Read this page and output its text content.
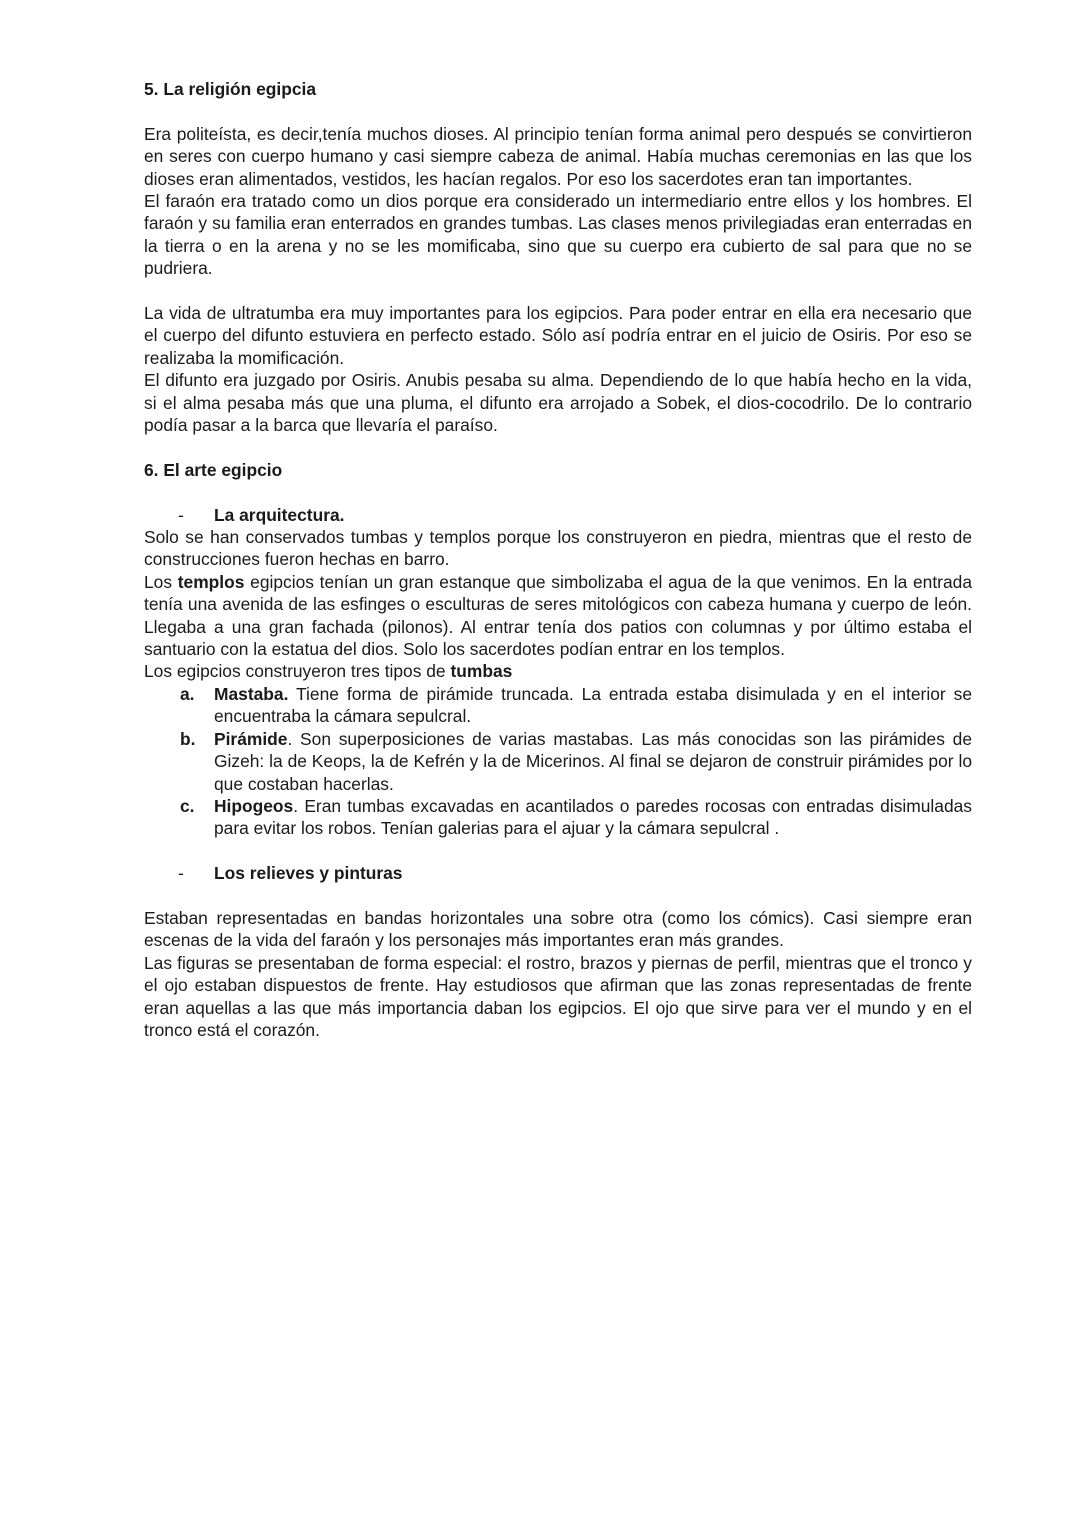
5. La religión egipcia

Era politeísta, es decir,tenía muchos dioses. Al principio tenían forma animal pero después se convirtieron en seres con cuerpo humano y casi siempre cabeza de animal. Había muchas ceremonias en las que los dioses eran alimentados, vestidos, les hacían regalos. Por eso los sacerdotes eran tan importantes.

El faraón era tratado como un dios porque era considerado un intermediario entre ellos y los hombres. El faraón y su familia eran enterrados en grandes tumbas. Las clases menos privilegiadas eran enterradas en la tierra o en la arena y no se les momificaba, sino que su cuerpo era cubierto de sal para que no se pudriera.

La vida de ultratumba era muy importantes para los egipcios. Para poder entrar en ella era necesario que el cuerpo del difunto estuviera en perfecto estado. Sólo así podría entrar en el juicio de Osiris. Por eso se realizaba la momificación.

El difunto era juzgado por Osiris. Anubis pesaba su alma. Dependiendo de lo que había hecho en la vida, si el alma pesaba más que una pluma, el difunto era arrojado a Sobek, el dios-cocodrilo. De lo contrario podía pasar a la barca que llevaría el paraíso.

6. El arte egipcio

- La arquitectura.

Solo se han conservados tumbas y templos porque los construyeron en piedra, mientras que el resto de construcciones fueron hechas en barro.

Los templos egipcios tenían un gran estanque que simbolizaba el agua de la que venimos. En la entrada tenía una avenida de las esfinges o esculturas de seres mitológicos con cabeza humana y cuerpo de león. Llegaba a una gran fachada (pilonos). Al entrar tenía dos patios con columnas y por último estaba el santuario con la estatua del dios. Solo los sacerdotes podían entrar en los templos.

Los egipcios construyeron tres tipos de tumbas

a. Mastaba. Tiene forma de pirámide truncada. La entrada estaba disimulada y en el interior se encuentraba la cámara sepulcral.

b. Pirámide. Son superposiciones de varias mastabas. Las más conocidas son las pirámides de Gizeh: la de Keops, la de Kefrén y la de Micerinos. Al final se dejaron de construir pirámides por lo que costaban hacerlas.

c. Hipogeos. Eran tumbas excavadas en acantilados o paredes rocosas con entradas disimuladas para evitar los robos. Tenían galerias para el ajuar y la cámara sepulcral .

- Los relieves y pinturas

Estaban representadas en bandas horizontales una sobre otra (como los cómics). Casi siempre eran escenas de la vida del faraón y los personajes más importantes eran más grandes.

Las figuras se presentaban de forma especial: el rostro, brazos y piernas de perfil, mientras que el tronco y el ojo estaban dispuestos de frente. Hay estudiosos que afirman que las zonas representadas de frente eran aquellas a las que más importancia daban los egipcios. El ojo que sirve para ver el mundo y en el tronco está el corazón.
